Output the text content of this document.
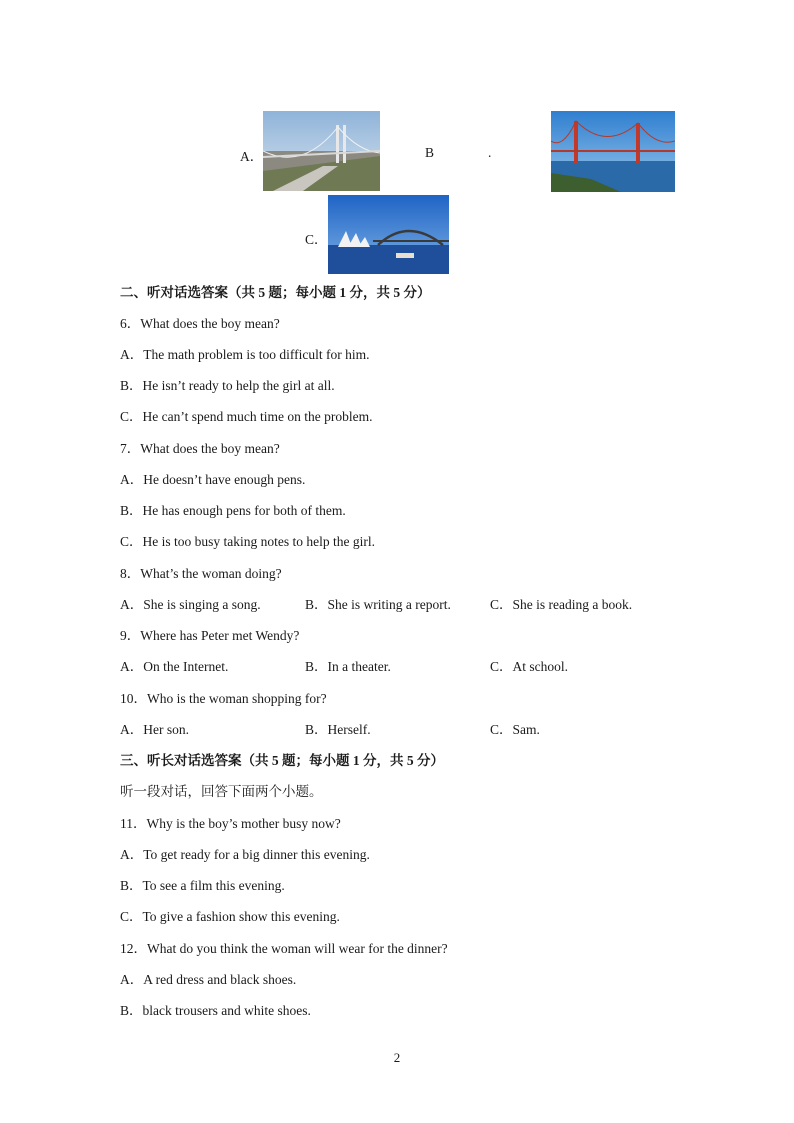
A．	B	.
C．
二、听对话选答案（共 5 题；每小题 1 分，共 5 分）
6．What does the boy mean?
A．The math problem is too difficult for him.
B．He isn’t ready to help the girl at all.
C．He can’t spend much time on the problem.
7．What does the boy mean?
A．He doesn’t have enough pens.
B．He has enough pens for both of them.
C．He is too busy taking notes to help the girl.
8．What’s the woman doing?
A．She is singing a song.	B．She is writing a report.	C．She is reading a book.
9．Where has Peter met Wendy?
A．On the Internet.	B．In a theater.	C．At school.
10．Who is the woman shopping for?
A．Her son.	B．Herself.	C．Sam.
三、听长对话选答案（共 5 题；每小题 1 分，共 5 分）
听一段对话，回答下面两个小题。
11．Why is the boy’s mother busy now?
A．To get ready for a big dinner this evening.
B．To see a film this evening.
C．To give a fashion show this evening.
12．What do you think the woman will wear for the dinner?
A．A red dress and black shoes.
B．black trousers and white shoes.
2
